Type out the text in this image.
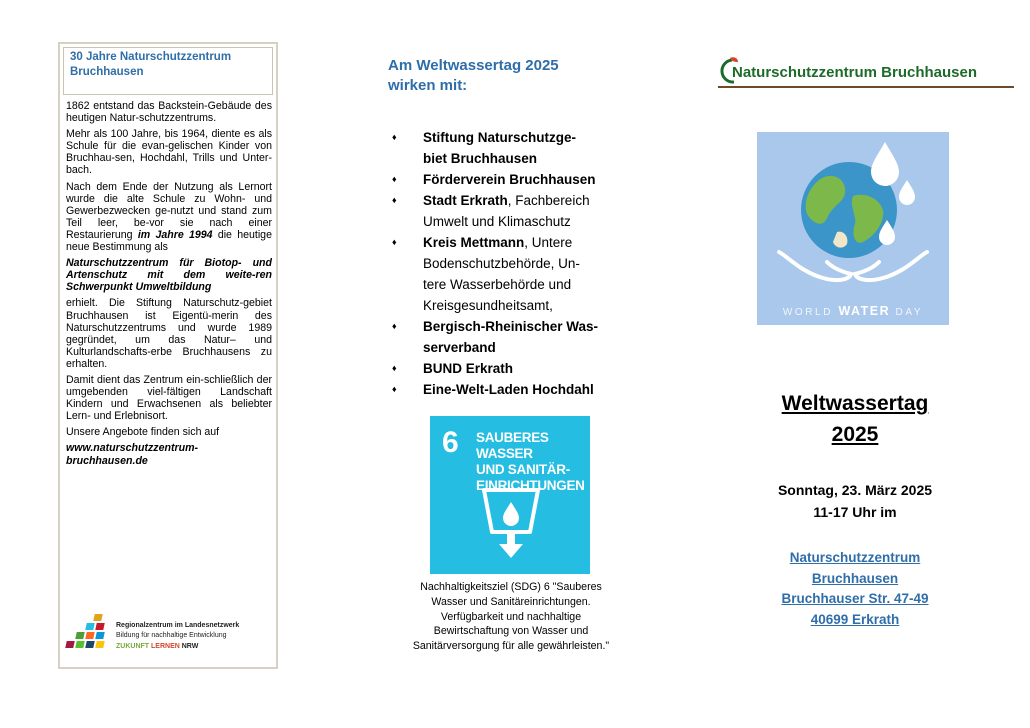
30 Jahre Naturschutzzentrum
Bruchhausen

1862 entstand das Backstein-Gebäude des heutigen Natur-schutzzentrums.

Mehr als 100 Jahre, bis 1964, diente es als Schule für die evan-gelischen Kinder von Bruchhau-sen, Hochdahl, Trills und Unter-bach.

Nach dem Ende der Nutzung als Lernort wurde die alte Schule zu Wohn- und Gewerbezwecken ge-nutzt und stand zum Teil leer, be-vor sie nach einer Restaurierung im Jahre 1994 die heutige neue Bestimmung als

Naturschutzzentrum für Biotop- und Artenschutz mit dem weite-ren Schwerpunkt Umweltbildung

erhielt. Die Stiftung Naturschutz-gebiet Bruchhausen ist Eigentü-merin des Naturschutzzentrums und wurde 1989 gegründet, um das Natur– und Kulturlandschafts-erbe Bruchhausens zu erhalten.

Damit dient das Zentrum ein-schließlich der umgebenden viel-fältigen Landschaft Kindern und Erwachsenen als beliebter Lern- und Erlebnisort.

Unsere Angebote finden sich auf

www.naturschutzzentrum-bruchhausen.de

Regionalzentrum im Landesnetzwerk
Bildung für nachhaltige Entwicklung
ZUKUNFT LERNEN NRW
Am Weltwassertag 2025
wirken mit:
♦ Stiftung Naturschutzge-
biet Bruchhausen
♦ Förderverein Bruchhausen
♦ Stadt Erkrath, Fachbereich
Umwelt und Klimaschutz
♦ Kreis Mettmann, Untere
Bodenschutzbehörde, Un-
tere Wasserbehörde und
Kreisgesundheitsamt,
♦ Bergisch-Rheinischer Was-
serverband
♦ BUND Erkrath
♦ Eine-Welt-Laden Hochdahl
6 SAUBERES WASSER
UND SANITÄR-
EINRICHTUNGEN
Nachhaltigkeitsziel (SDG) 6 "Sauberes
Wasser und Sanitäreinrichtungen.
Verfügbarkeit und nachhaltige
Bewirtschaftung von Wasser und
Sanitärversorgung für alle gewährleisten."
Naturschutzzentrum Bruchhausen
WORLD WATER DAY
Weltwassertag
2025
Sonntag, 23. März 2025
11-17 Uhr im
Naturschutzzentrum
Bruchhausen
Bruchhauser Str. 47-49
40699 Erkrath
